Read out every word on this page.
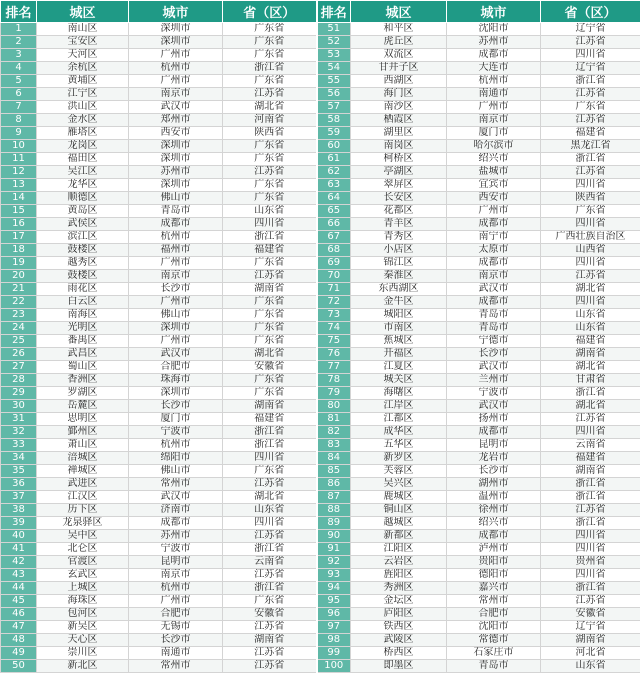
排名	城区	城市	省（区）	排名	城区	城市	省（区）
1	南山区	深圳市	广东省	51	和平区	沈阳市	辽宁省
2	宝安区	深圳市	广东省	52	虎丘区	苏州市	江苏省
3	天河区	广州市	广东省	53	双流区	成都市	四川省
4	余杭区	杭州市	浙江省	54	甘井子区	大连市	辽宁省
5	黄埔区	广州市	广东省	55	西湖区	杭州市	浙江省
6	江宁区	南京市	江苏省	56	海门区	南通市	江苏省
7	洪山区	武汉市	湖北省	57	南沙区	广州市	广东省
8	金水区	郑州市	河南省	58	栖霞区	南京市	江苏省
9	雁塔区	西安市	陕西省	59	湖里区	厦门市	福建省
10	龙岗区	深圳市	广东省	60	南岗区	哈尔滨市	黑龙江省
11	福田区	深圳市	广东省	61	柯桥区	绍兴市	浙江省
12	吴江区	苏州市	江苏省	62	亭湖区	盐城市	江苏省
13	龙华区	深圳市	广东省	63	翠屏区	宜宾市	四川省
14	顺德区	佛山市	广东省	64	长安区	西安市	陕西省
15	黄岛区	青岛市	山东省	65	花都区	广州市	广东省
16	武侯区	成都市	四川省	66	青羊区	成都市	四川省
17	滨江区	杭州市	浙江省	67	青秀区	南宁市	广西壮族自治区
18	鼓楼区	福州市	福建省	68	小店区	太原市	山西省
19	越秀区	广州市	广东省	69	锦江区	成都市	四川省
20	鼓楼区	南京市	江苏省	70	秦淮区	南京市	江苏省
21	雨花区	长沙市	湖南省	71	东西湖区	武汉市	湖北省
22	白云区	广州市	广东省	72	金牛区	成都市	四川省
23	南海区	佛山市	广东省	73	城阳区	青岛市	山东省
24	光明区	深圳市	广东省	74	市南区	青岛市	山东省
25	番禺区	广州市	广东省	75	蕉城区	宁德市	福建省
26	武昌区	武汉市	湖北省	76	开福区	长沙市	湖南省
27	蜀山区	合肥市	安徽省	77	江夏区	武汉市	湖北省
28	香洲区	珠海市	广东省	78	城关区	兰州市	甘肃省
29	罗湖区	深圳市	广东省	79	海曙区	宁波市	浙江省
30	岳麓区	长沙市	湖南省	80	江岸区	武汉市	湖北省
31	思明区	厦门市	福建省	81	江都区	扬州市	江苏省
32	鄞州区	宁波市	浙江省	82	成华区	成都市	四川省
33	萧山区	杭州市	浙江省	83	五华区	昆明市	云南省
34	涪城区	绵阳市	四川省	84	新罗区	龙岩市	福建省
35	禅城区	佛山市	广东省	85	芙蓉区	长沙市	湖南省
36	武进区	常州市	江苏省	86	吴兴区	湖州市	浙江省
37	江汉区	武汉市	湖北省	87	鹿城区	温州市	浙江省
38	历下区	济南市	山东省	88	铜山区	徐州市	江苏省
39	龙泉驿区	成都市	四川省	89	越城区	绍兴市	浙江省
40	吴中区	苏州市	江苏省	90	新都区	成都市	四川省
41	北仑区	宁波市	浙江省	91	江阳区	泸州市	四川省
42	官渡区	昆明市	云南省	92	云岩区	贵阳市	贵州省
43	玄武区	南京市	江苏省	93	旌阳区	德阳市	四川省
44	上城区	杭州市	浙江省	94	秀洲区	嘉兴市	浙江省
45	海珠区	广州市	广东省	95	金坛区	常州市	江苏省
46	包河区	合肥市	安徽省	96	庐阳区	合肥市	安徽省
47	新吴区	无锡市	江苏省	97	铁西区	沈阳市	辽宁省
48	天心区	长沙市	湖南省	98	武陵区	常德市	湖南省
49	崇川区	南通市	江苏省	99	桥西区	石家庄市	河北省
50	新北区	常州市	江苏省	100	即墨区	青岛市	山东省
